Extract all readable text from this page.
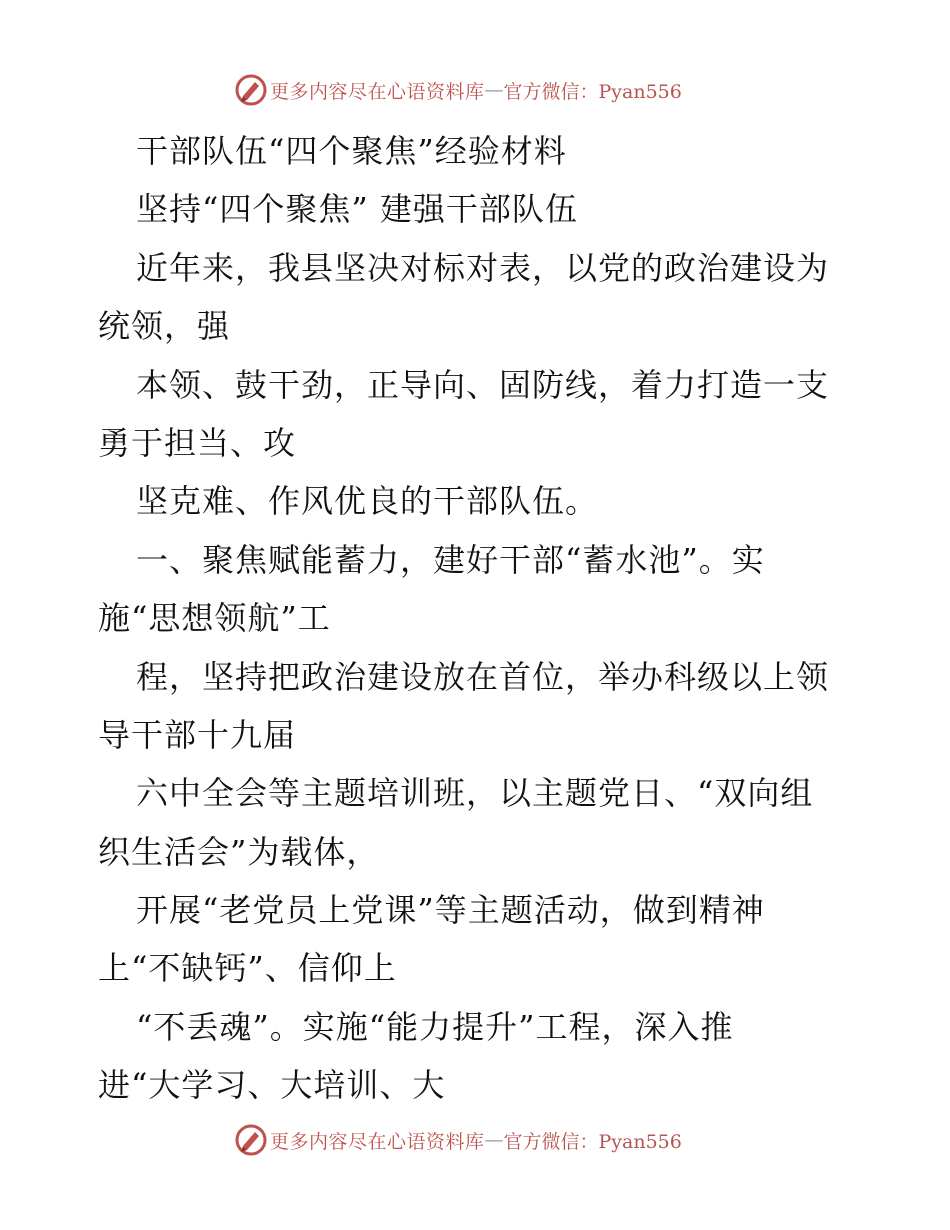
更多内容尽在心语资料库 — 官方微信：Pyan556
干部队伍“四个聚焦”经验材料
坚持“四个聚焦” 建强干部队伍
近年来，我县坚决对标对表，以党的政治建设为
统领，强
本领、鼓干劲，正导向、固防线，着力打造一支
勇于担当、攻
坚克难、作风优良的干部队伍。
一、聚焦赋能蓄力，建好干部“蓄水池”。实
施“思想领航”工
程，坚持把政治建设放在首位，举办科级以上领
导干部十九届
六中全会等主题培训班，以主题党日、“双向组
织生活会”为载体，
开展“老党员上党课”等主题活动，做到精神
上“不缺钙”、信仰上
“不丢魂”。实施“能力提升”工程，深入推
进“大学习、大培训、大
更多内容尽在心语资料库 — 官方微信：Pyan556
